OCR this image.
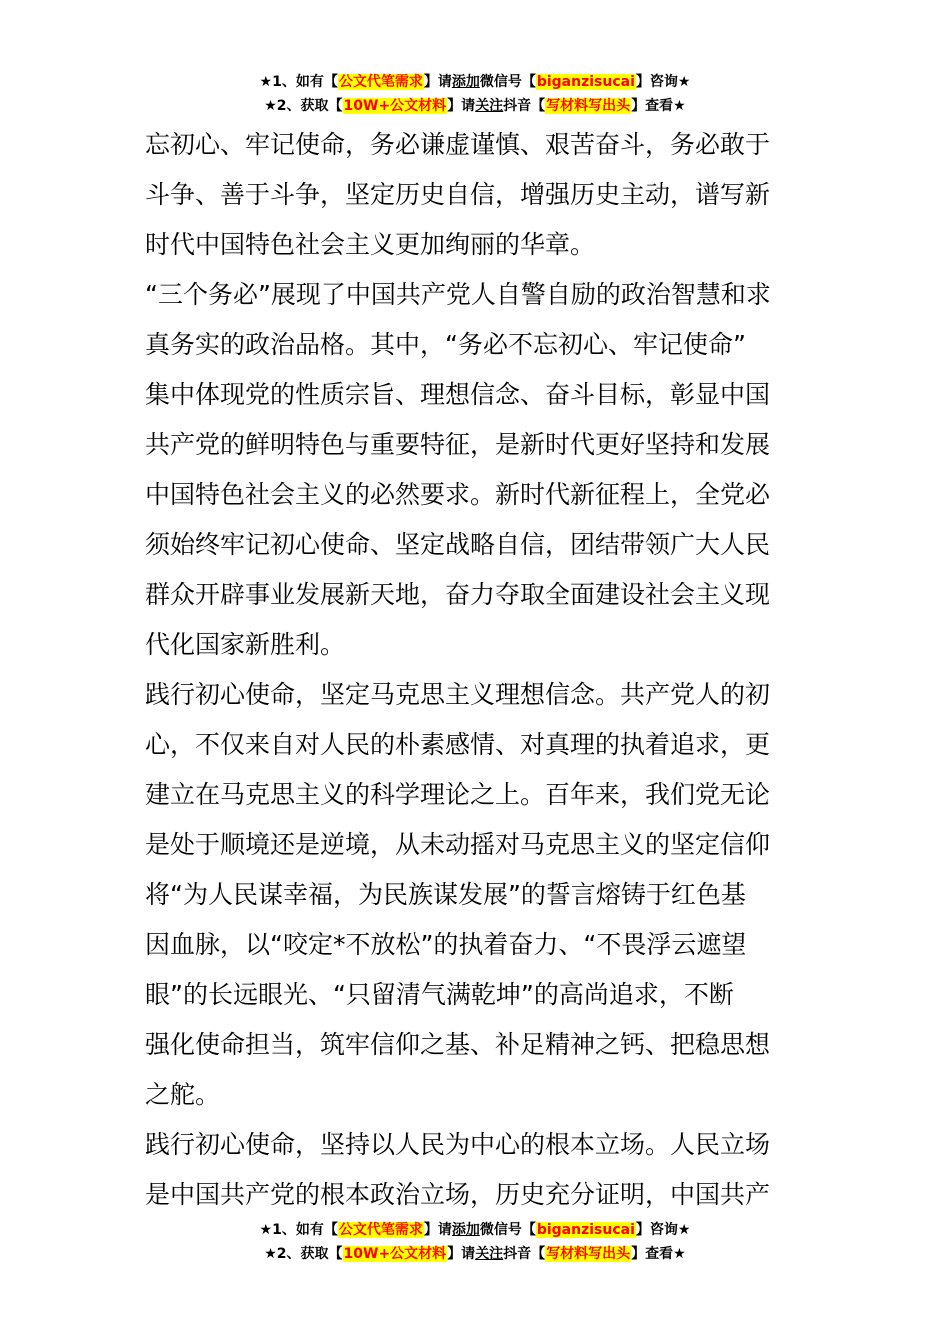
★1、如有【公文代笔需求】请添加微信号【biganzisucai】咨询★
★2、获取【10W+公文材料】请关注抖音【写材料写出头】查看★
忘初心、牢记使命，务必谦虚谨慎、艰苦奋斗，务必敢于
斗争、善于斗争，坚定历史自信，增强历史主动，谱写新
时代中国特色社会主义更加绚丽的华章。
“三个务必”展现了中国共产党人自警自励的政治智慧和求
真务实的政治品格。其中，“务必不忘初心、牢记使命”
集中体现党的性质宗旨、理想信念、奋斗目标，彰显中国
共产党的鲜明特色与重要特征，是新时代更好坚持和发展
中国特色社会主义的必然要求。新时代新征程上，全党必
须始终牢记初心使命、坚定战略自信，团结带领广大人民
群众开辟事业发展新天地，奋力夺取全面建设社会主义现
代化国家新胜利。
践行初心使命，坚定马克思主义理想信念。共产党人的初
心，不仅来自对人民的朴素感情、对真理的执着追求，更
建立在马克思主义的科学理论之上。百年来，我们党无论
是处于顺境还是逆境，从未动摇对马克思主义的坚定信仰
将“为人民谋幸福，为民族谋发展”的誓言熔铸于红色基
因血脉，以“咬定*不放松”的执着奋力、“不畏浮云遮望
眼”的长远眼光、“只留清气满乾坤”的高尚追求，不断
强化使命担当，筑牢信仰之基、补足精神之钙、把稳思想
之舵。
践行初心使命，坚持以人民为中心的根本立场。人民立场
是中国共产党的根本政治立场，历史充分证明，中国共产
★1、如有【公文代笔需求】请添加微信号【biganzisucai】咨询★
★2、获取【10W+公文材料】请关注抖音【写材料写出头】查看★
